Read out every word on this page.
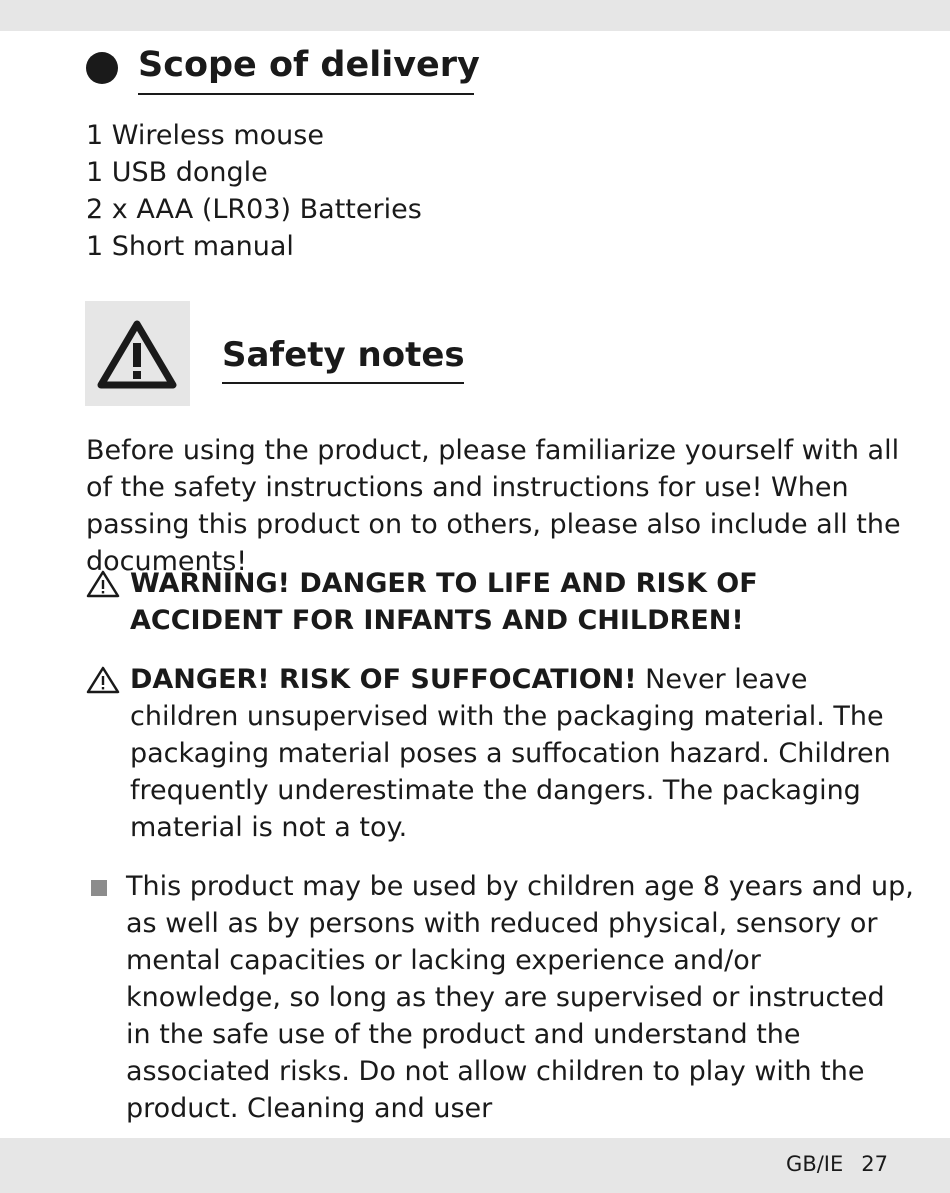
Scope of delivery
1 Wireless mouse
1 USB dongle
2 x AAA (LR03) Batteries
1 Short manual
Safety notes

Before using the product, please familiarize yourself with all of the safety instructions and instructions for use! When passing this product on to others, please also include all the documents!

WARNING! DANGER TO LIFE AND RISK OF ACCIDENT FOR INFANTS AND CHILDREN!

DANGER! RISK OF SUFFOCATION! Never leave children unsupervised with the packaging material. The packaging material poses a suffocation hazard. Children frequently underestimate the dangers. The packaging material is not a toy.

This product may be used by children age 8 years and up, as well as by persons with reduced physical, sensory or mental capacities or lacking experience and/or knowledge, so long as they are supervised or instructed in the safe use of the product and understand the associated risks. Do not allow children to play with the product. Cleaning and user

GB/IE 27
